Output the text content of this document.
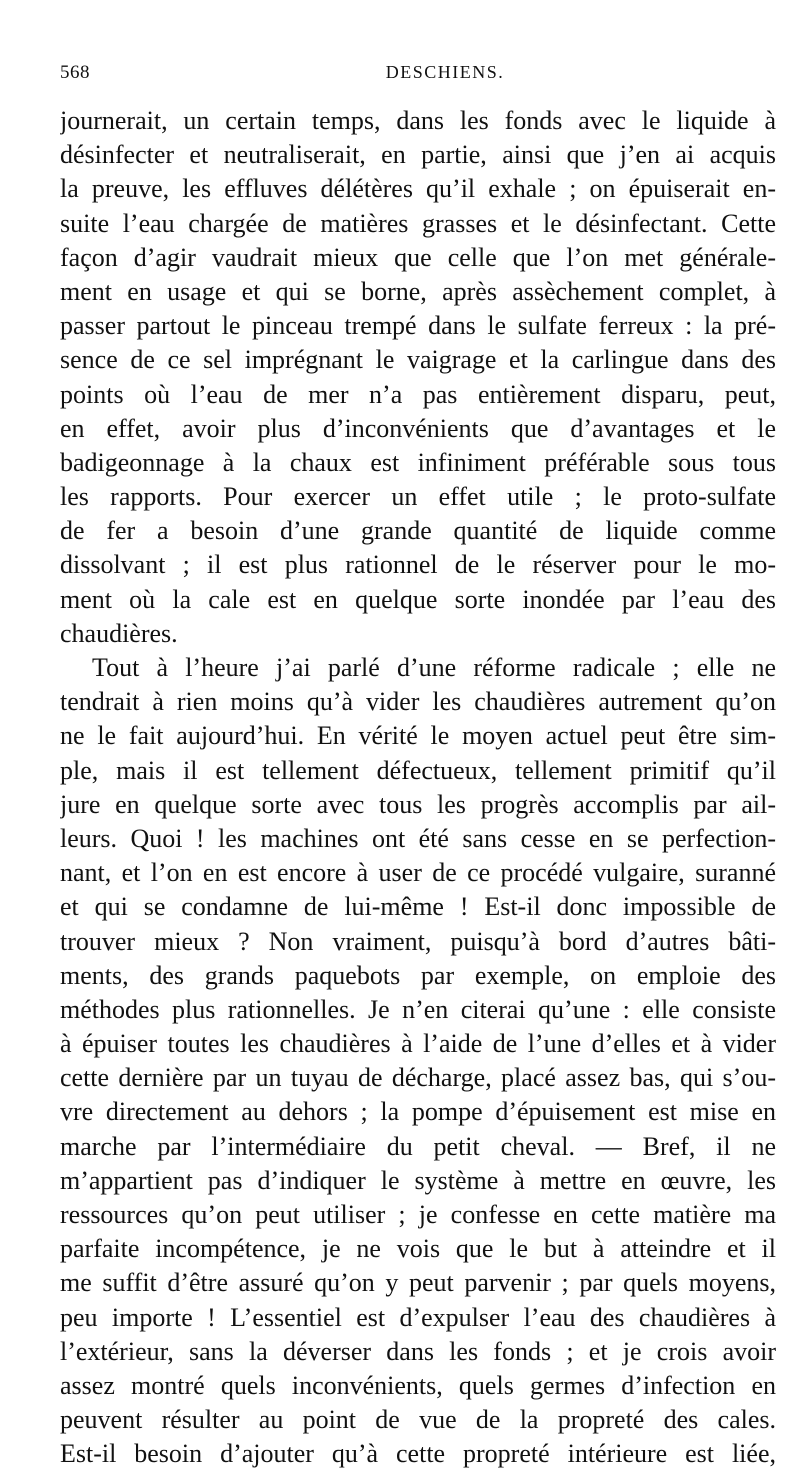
568	DESCHIENS.
journerait, un certain temps, dans les fonds avec le liquide à
désinfecter et neutraliserait, en partie, ainsi que j’en ai acquis
la preuve, les effluves délétères qu’il exhale ; on épuiserait en-
suite l’eau chargée de matières grasses et le désinfectant. Cette
façon d’agir vaudrait mieux que celle que l’on met générale-
ment en usage et qui se borne, après assèchement complet, à
passer partout le pinceau trempé dans le sulfate ferreux : la pré-
sence de ce sel imprégnant le vaigrage et la carlingue dans des
points où l’eau de mer n’a pas entièrement disparu, peut,
en effet, avoir plus d’inconvénients que d’avantages et le
badigeonnage à la chaux est infiniment préférable sous tous
les rapports. Pour exercer un effet utile ; le proto-sulfate
de fer a besoin d’une grande quantité de liquide comme
dissolvant ; il est plus rationnel de le réserver pour le mo-
ment où la cale est en quelque sorte inondée par l’eau des
chaudières.
Tout à l’heure j’ai parlé d’une réforme radicale ; elle ne
tendrait à rien moins qu’à vider les chaudières autrement qu’on
ne le fait aujourd’hui. En vérité le moyen actuel peut être sim-
ple, mais il est tellement défectueux, tellement primitif qu’il
jure en quelque sorte avec tous les progrès accomplis par ail-
leurs. Quoi ! les machines ont été sans cesse en se perfection-
nant, et l’on en est encore à user de ce procédé vulgaire, suranné
et qui se condamne de lui-même ! Est-il donc impossible de
trouver mieux ? Non vraiment, puisqu’à bord d’autres bâti-
ments, des grands paquebots par exemple, on emploie des
méthodes plus rationnelles. Je n’en citerai qu’une : elle consiste
à épuiser toutes les chaudières à l’aide de l’une d’elles et à vider
cette dernière par un tuyau de décharge, placé assez bas, qui s’ou-
vre directement au dehors ; la pompe d’épuisement est mise en
marche par l’intermédiaire du petit cheval. — Bref, il ne
m’appartient pas d’indiquer le système à mettre en œuvre, les
ressources qu’on peut utiliser ; je confesse en cette matière ma
parfaite incompétence, je ne vois que le but à atteindre et il
me suffit d’être assuré qu’on y peut parvenir ; par quels moyens,
peu importe ! L’essentiel est d’expulser l’eau des chaudières à
l’extérieur, sans la déverser dans les fonds ; et je crois avoir
assez montré quels inconvénients, quels germes d’infection en
peuvent résulter au point de vue de la propreté des cales.
Est-il besoin d’ajouter qu’à cette propreté intérieure est liée,
